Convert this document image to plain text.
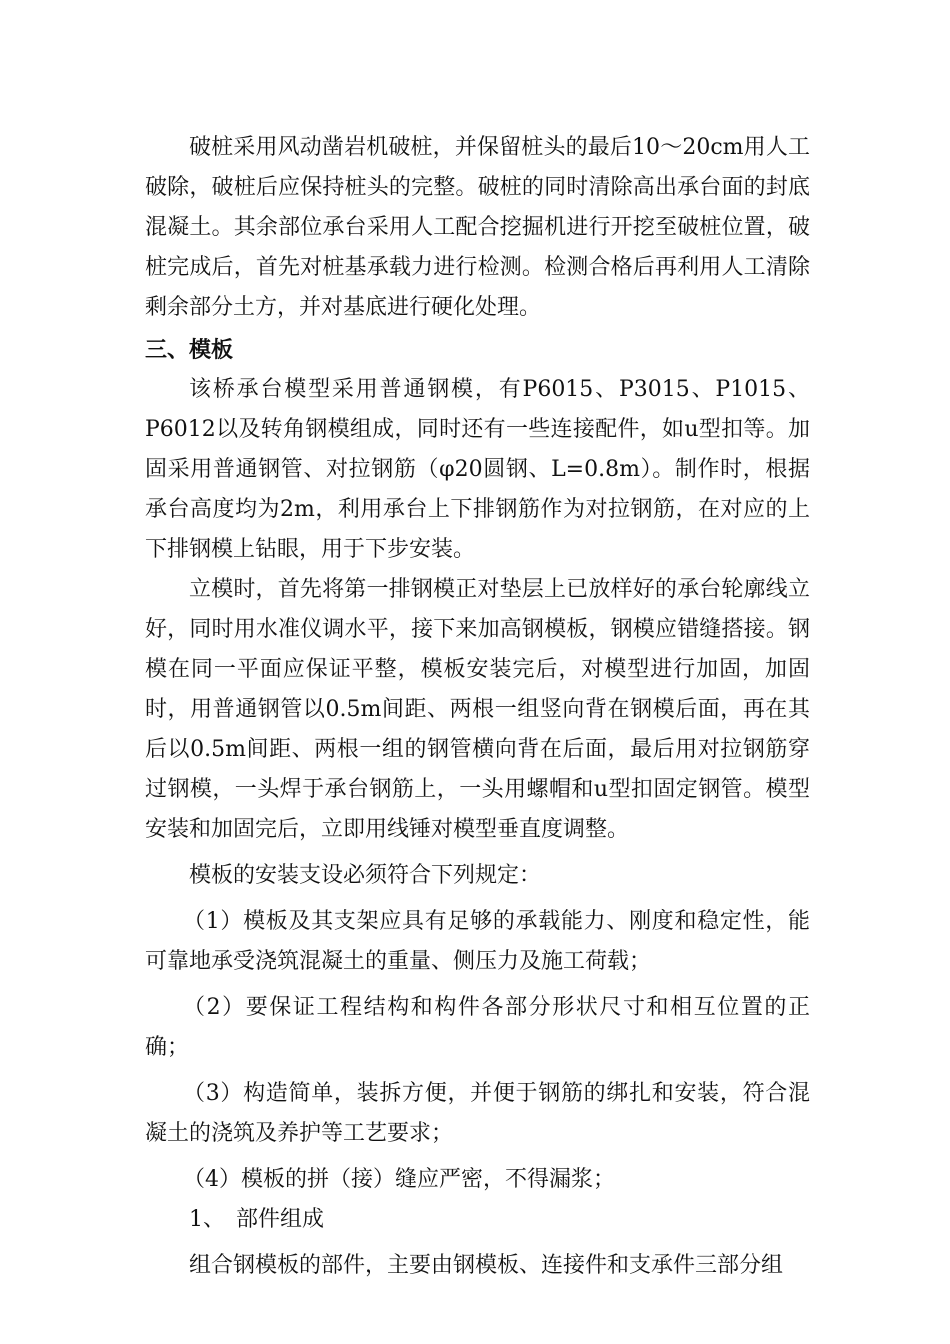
破桩采用风动凿岩机破桩，并保留桩头的最后10～20cm用人工破除，破桩后应保持桩头的完整。破桩的同时清除高出承台面的封底混凝土。其余部位承台采用人工配合挖掘机进行开挖至破桩位置，破桩完成后，首先对桩基承载力进行检测。检测合格后再利用人工清除剩余部分土方，并对基底进行硬化处理。

三、模板

该桥承台模型采用普通钢模，有P6015、P3015、P1015、P6012以及转角钢模组成，同时还有一些连接配件，如u型扣等。加固采用普通钢管、对拉钢筋（φ20圆钢、L=0.8m）。制作时，根据承台高度均为2m，利用承台上下排钢筋作为对拉钢筋，在对应的上下排钢模上钻眼，用于下步安装。

立模时，首先将第一排钢模正对垫层上已放样好的承台轮廓线立好，同时用水准仪调水平，接下来加高钢模板，钢模应错缝搭接。钢模在同一平面应保证平整，模板安装完后，对模型进行加固，加固时，用普通钢管以0.5m间距、两根一组竖向背在钢模后面，再在其后以0.5m间距、两根一组的钢管横向背在后面，最后用对拉钢筋穿过钢模，一头焊于承台钢筋上，一头用螺帽和u型扣固定钢管。模型安装和加固完后，立即用线锤对模型垂直度调整。

模板的安装支设必须符合下列规定：

（1）模板及其支架应具有足够的承载能力、刚度和稳定性，能可靠地承受浇筑混凝土的重量、侧压力及施工荷载；

（2）要保证工程结构和构件各部分形状尺寸和相互位置的正确；

（3）构造简单，装拆方便，并便于钢筋的绑扎和安装，符合混凝土的浇筑及养护等工艺要求；

（4）模板的拼（接）缝应严密，不得漏浆；

1、　部件组成

组合钢模板的部件，主要由钢模板、连接件和支承件三部分组
